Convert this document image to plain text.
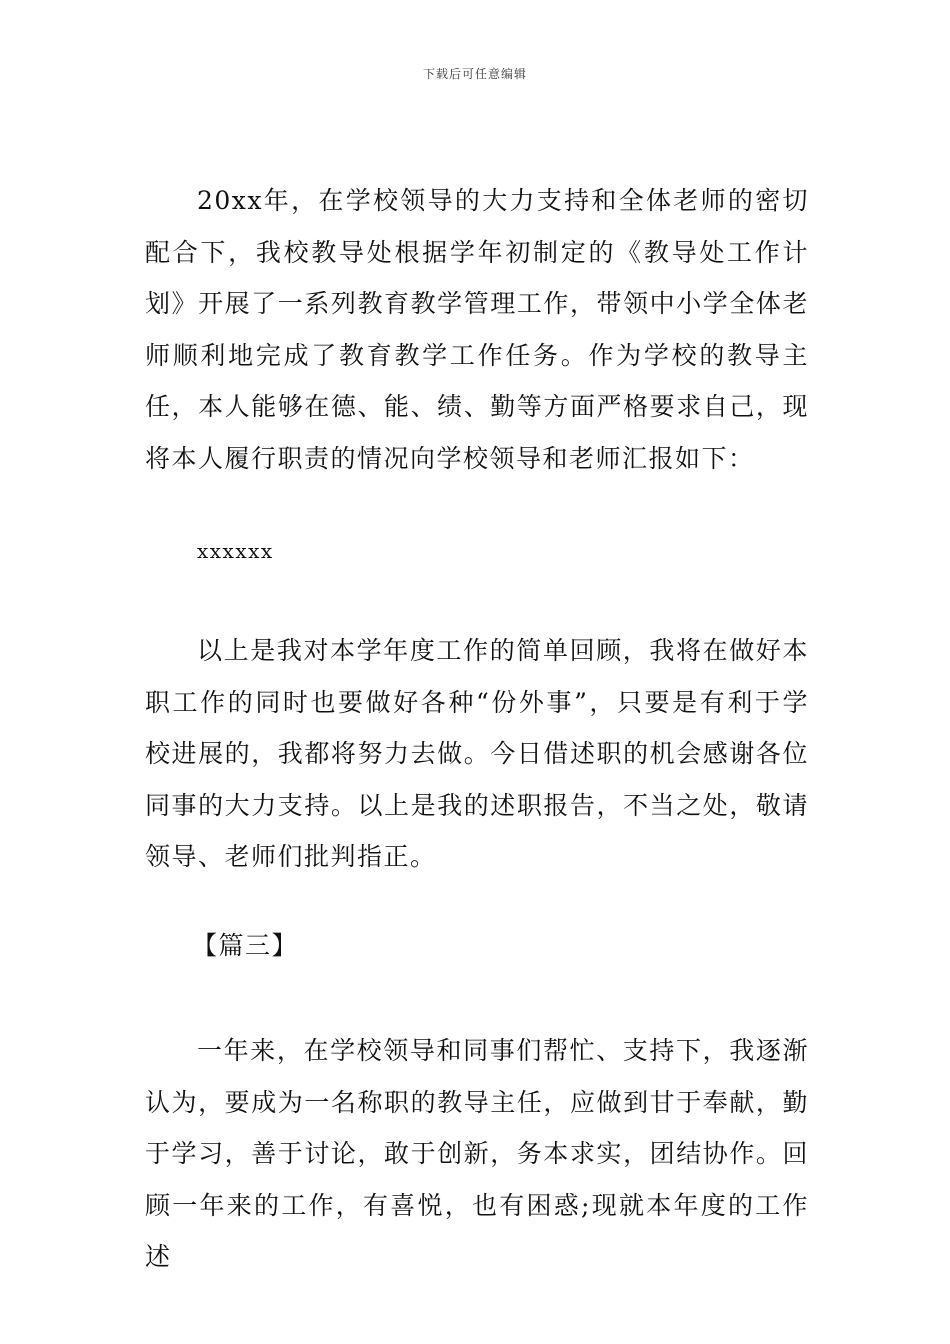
下载后可任意编辑

20xx年，在学校领导的大力支持和全体老师的密切配合下，我校教导处根据学年初制定的《教导处工作计划》开展了一系列教育教学管理工作，带领中小学全体老师顺利地完成了教育教学工作任务。作为学校的教导主任，本人能够在德、能、绩、勤等方面严格要求自己，现将本人履行职责的情况向学校领导和老师汇报如下：

xxxxxx

以上是我对本学年度工作的简单回顾，我将在做好本职工作的同时也要做好各种“份外事”，只要是有利于学校进展的，我都将努力去做。今日借述职的机会感谢各位同事的大力支持。以上是我的述职报告，不当之处，敬请领导、老师们批判指正。

【篇三】

一年来，在学校领导和同事们帮忙、支持下，我逐渐认为，要成为一名称职的教导主任，应做到甘于奉献，勤于学习，善于讨论，敢于创新，务本求实，团结协作。回顾一年来的工作，有喜悦，也有困惑;现就本年度的工作述
